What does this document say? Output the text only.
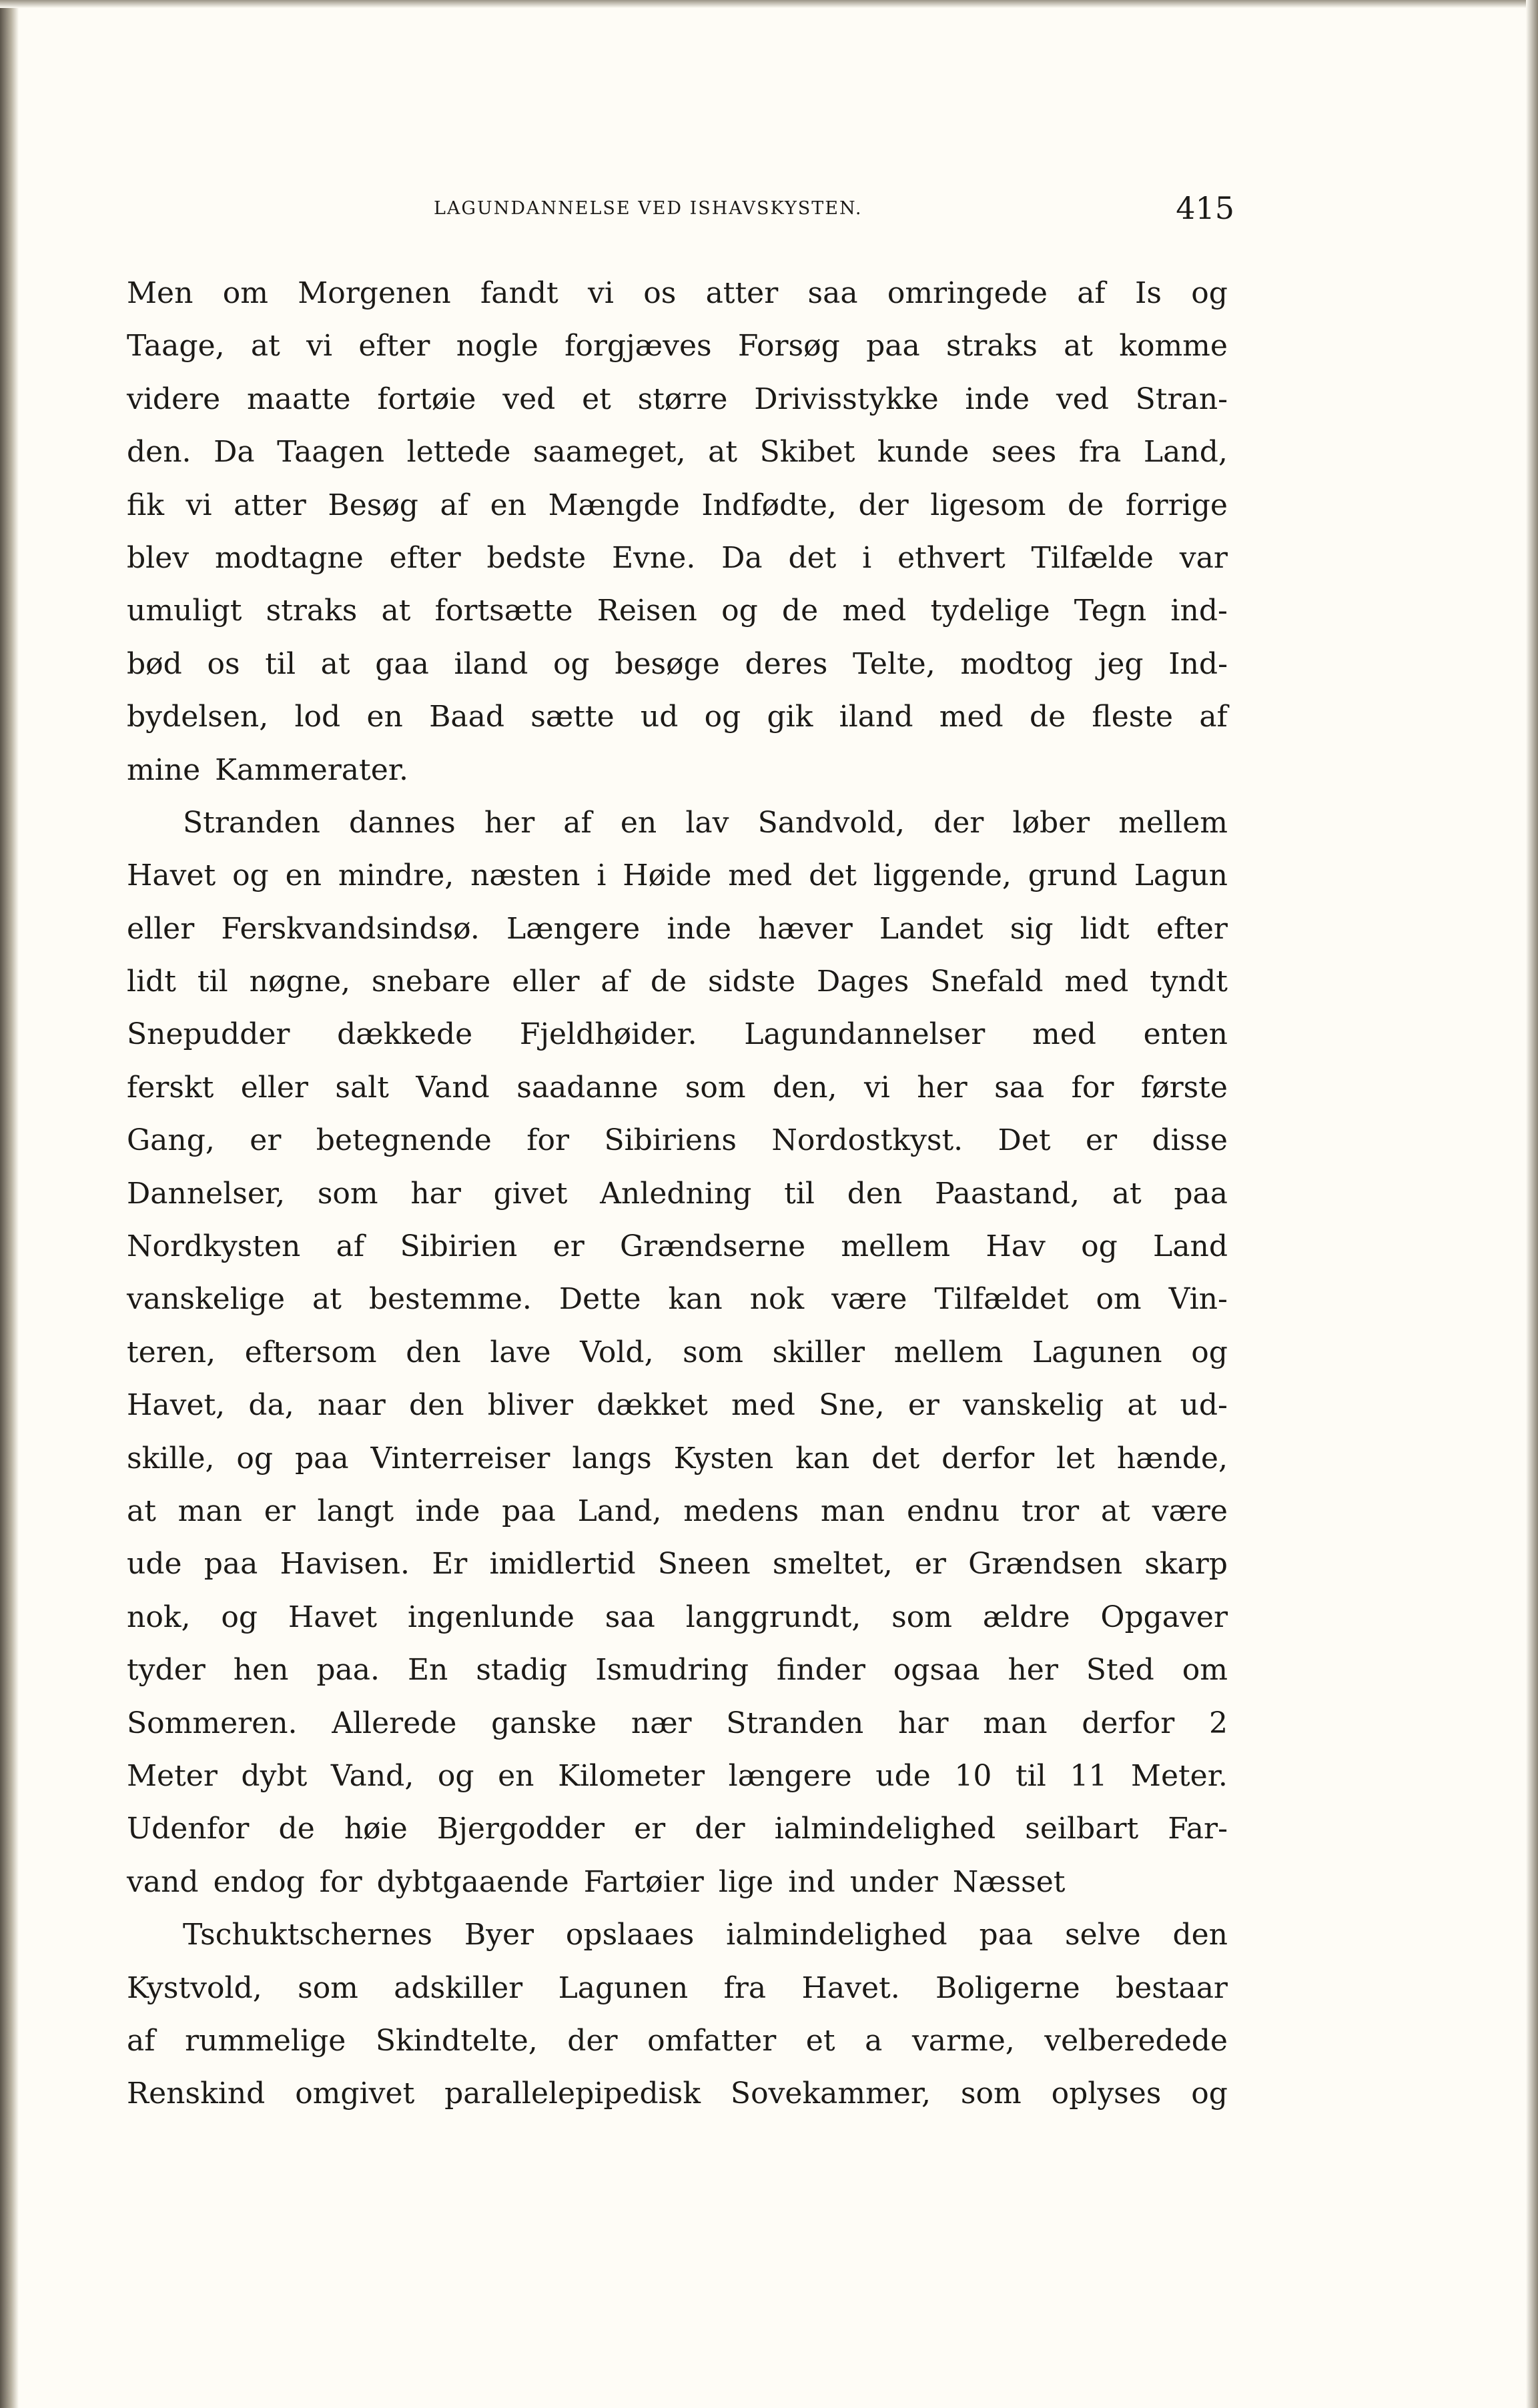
LAGUNDANNELSE VED ISHAVSKYSTEN.	415
Men om Morgenen fandt vi os atter saa omringede af Is og
Taage, at vi efter nogle forgjæves Forsøg paa straks at komme
videre maatte fortøie ved et større Drivisstykke inde ved Stran-
den. Da Taagen lettede saameget, at Skibet kunde sees fra Land,
fik vi atter Besøg af en Mængde Indfødte, der ligesom de forrige
blev modtagne efter bedste Evne. Da det i ethvert Tilfælde var
umuligt straks at fortsætte Reisen og de med tydelige Tegn ind-
bød os til at gaa iland og besøge deres Telte, modtog jeg Ind-
bydelsen, lod en Baad sætte ud og gik iland med de fleste af
mine Kammerater.
Stranden dannes her af en lav Sandvold, der løber mellem
Havet og en mindre, næsten i Høide med det liggende, grund Lagun
eller Ferskvandsindsø. Længere inde hæver Landet sig lidt efter
lidt til nøgne, snebare eller af de sidste Dages Snefald med tyndt
Snepudder dækkede Fjeldhøider. Lagundannelser med enten
ferskt eller salt Vand saadanne som den, vi her saa for første
Gang, er betegnende for Sibiriens Nordostkyst. Det er disse
Dannelser, som har givet Anledning til den Paastand, at paa
Nordkysten af Sibirien er Grændserne mellem Hav og Land
vanskelige at bestemme. Dette kan nok være Tilfældet om Vin-
teren, eftersom den lave Vold, som skiller mellem Lagunen og
Havet, da, naar den bliver dækket med Sne, er vanskelig at ud-
skille, og paa Vinterreiser langs Kysten kan det derfor let hænde,
at man er langt inde paa Land, medens man endnu tror at være
ude paa Havisen. Er imidlertid Sneen smeltet, er Grændsen skarp
nok, og Havet ingenlunde saa langgrundt, som ældre Opgaver
tyder hen paa. En stadig Ismudring finder ogsaa her Sted om
Sommeren. Allerede ganske nær Stranden har man derfor 2
Meter dybt Vand, og en Kilometer længere ude 10 til 11 Meter.
Udenfor de høie Bjergodder er der ialmindelighed seilbart Far-
vand endog for dybtgaaende Fartøier lige ind under Næsset
Tschuktschernes Byer opslaaes ialmindelighed paa selve den
Kystvold, som adskiller Lagunen fra Havet. Boligerne bestaar
af rummelige Skindtelte, der omfatter et a varme, velberedede
Renskind omgivet parallelepipedisk Sovekammer, som oplyses og
